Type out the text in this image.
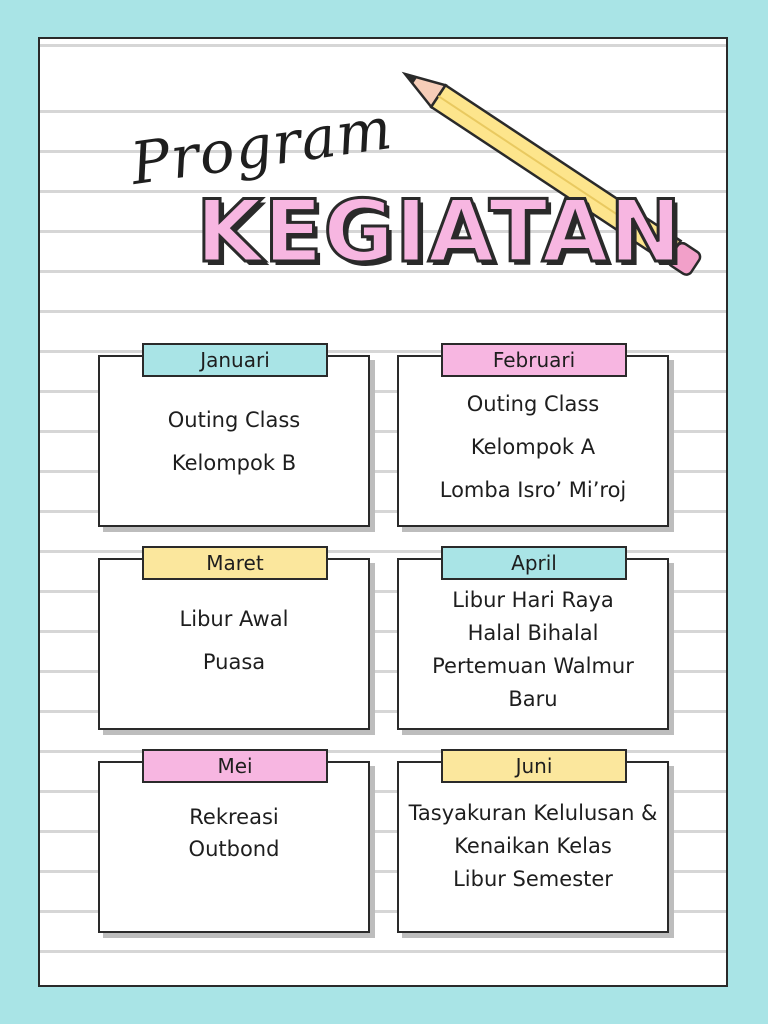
Program
KEGIATAN
Januari
Outing Class
Kelompok B
Februari
Outing Class
Kelompok A
Lomba Isro’ Mi’roj
Maret
Libur Awal
Puasa
April
Libur Hari Raya
Halal Bihalal
Pertemuan Walmur
Baru
Mei
Rekreasi
Outbond
Juni
Tasyakuran Kelulusan &
Kenaikan Kelas
Libur Semester
